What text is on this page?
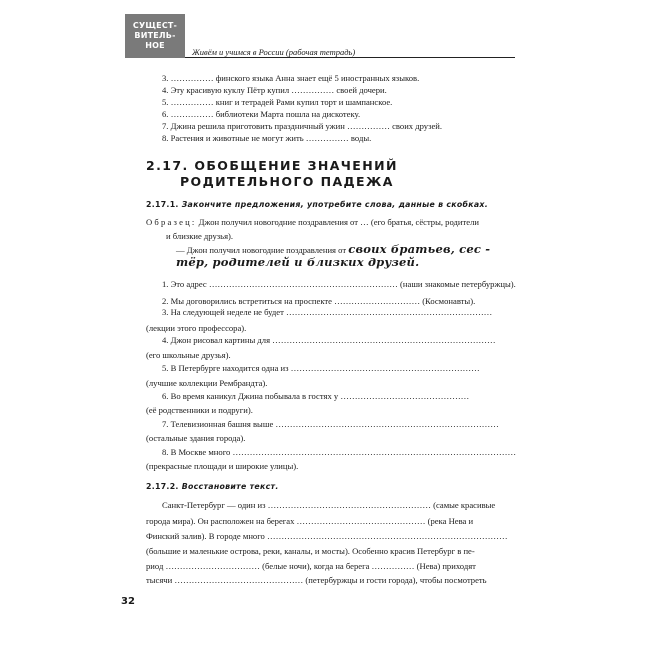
СУЩЕСТ-
ВИТЕЛЬ-
НОЕ
Живём и учимся в России (рабочая тетрадь)
3. …………… финского языка Анна знает ещё 5 иностранных языков.
4. Эту красивую куклу Пётр купил …………… своей дочери.
5. …………… книг и тетрадей Рами купил торт и шампанское.
6. …………… библиотеки Марта пошла на дискотеку.
7. Джина решила приготовить праздничный ужин …………… своих друзей.
8. Растения и животные не могут жить …………… воды.
2.17. ОБОБЩЕНИЕ ЗНАЧЕНИЙ
РОДИТЕЛЬНОГО ПАДЕЖА
2.17.1. Закончите предложения, употребите слова, данные в скобках.
Образец: Джон получил новогодние поздравления от … (его братья, сёстры, родители
и близкие друзья).
— Джон получил новогодние поздравления от своих братьев, сес -
тёр, родителей и близких друзей.
1. Это адрес ………………………………………………………… (наши знакомые петербуржцы).
2. Мы договорились встретиться на проспекте ………………………… (Космонавты).
3. На следующей неделе не будет ………………………………………………………………
(лекции этого профессора).
4. Джон рисовал картины для ……………………………………………………………………
(его школьные друзья).
5. В Петербурге находится одна из …………………………………………………………
(лучшие коллекции Рембрандта).
6. Во время каникул Джина побывала в гостях у ………………………………………
(её родственники и подруги).
7. Телевизионная башня выше ……………………………………………………………………
(остальные здания города).
8. В Москве много ………………………………………………………………………………………
(прекрасные площади и широкие улицы).
2.17.2. Восстановите текст.
Санкт-Петербург — один из ………………………………………………… (самые красивые
города мира). Он расположен на берегах ……………………………………… (река Нева и
Финский залив). В городе много …………………………………………………………………………
(большие и маленькие острова, реки, каналы, и мосты). Особенно красив Петербург в пе-
риод …………………………… (белые ночи), когда на берега …………… (Нева) приходят
тысячи ……………………………………… (петербуржцы и гости города), чтобы посмотреть
32
